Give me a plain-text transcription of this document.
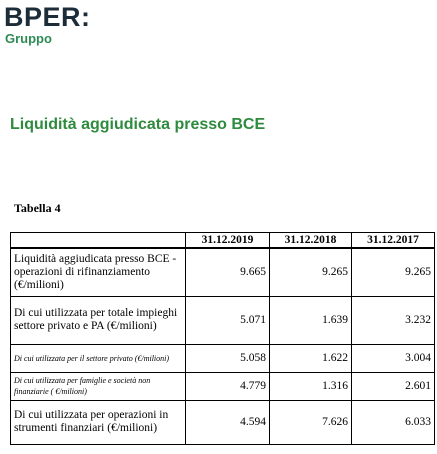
BPER:
Gruppo
Liquidità aggiudicata presso BCE
Tabella 4
	31.12.2019	31.12.2018	31.12.2017
Liquidità aggiudicata presso BCE - operazioni di rifinanziamento (€/milioni)	9.665	9.265	9.265
Di cui utilizzata per totale impieghi settore privato e PA (€/milioni)	5.071	1.639	3.232
Di cui utilizzata per il settore privato (€/milioni)	5.058	1.622	3.004
Di cui utilizzata per famiglie e società non finanziarie ( €/milioni)	4.779	1.316	2.601
Di cui utilizzata per operazioni in strumenti finanziari (€/milioni)	4.594	7.626	6.033
